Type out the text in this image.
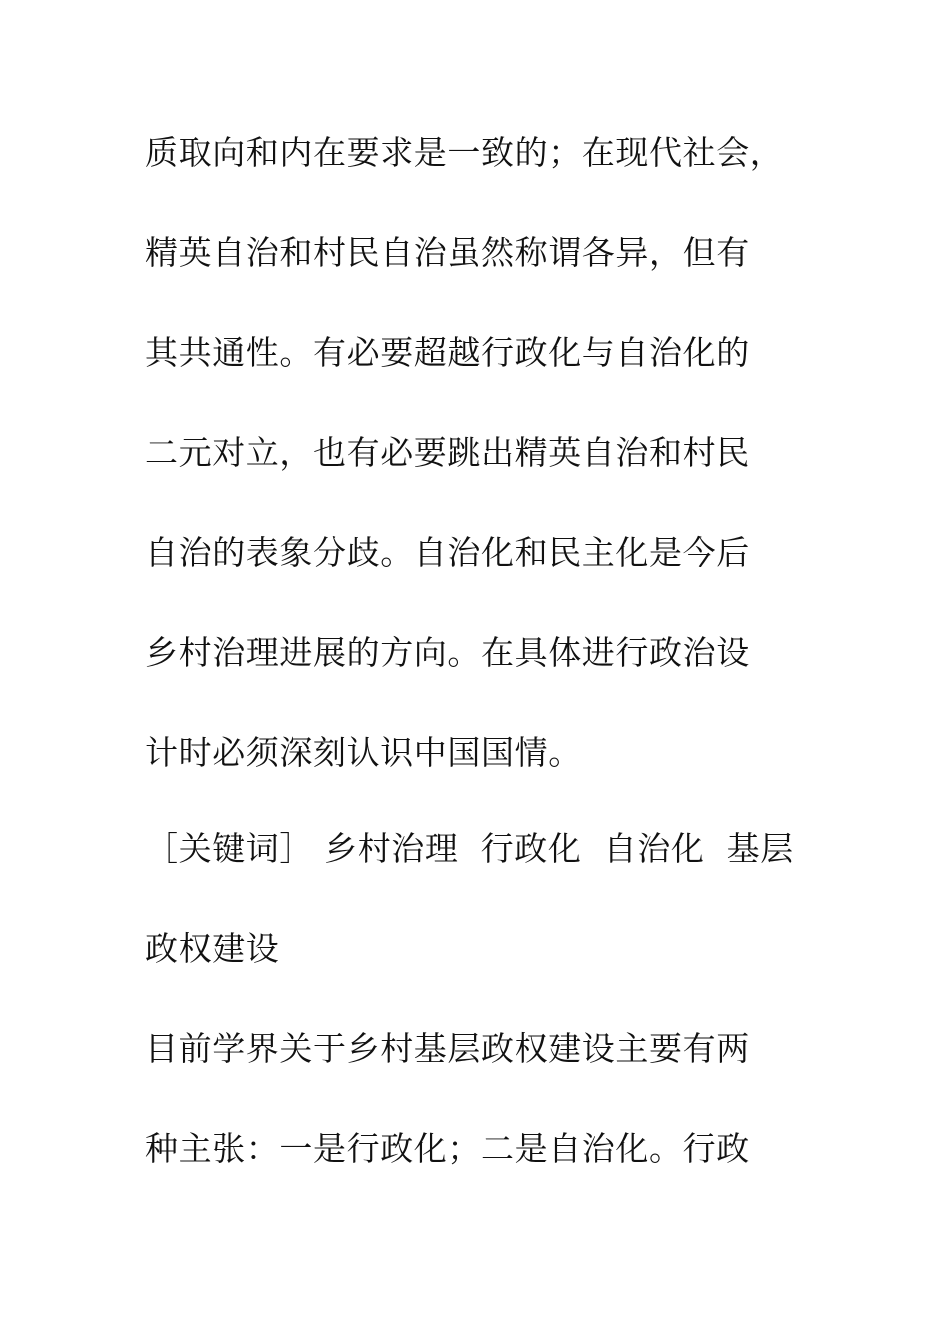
质取向和内在要求是一致的；在现代社会，
精英自治和村民自治虽然称谓各异，但有
其共通性。有必要超越行政化与自治化的
二元对立，也有必要跳出精英自治和村民
自治的表象分歧。自治化和民主化是今后
乡村治理进展的方向。在具体进行政治设
计时必须深刻认识中国国情。
［关键词］ 乡村治理  行政化  自治化  基层
政权建设
目前学界关于乡村基层政权建设主要有两
种主张：一是行政化；二是自治化。行政
